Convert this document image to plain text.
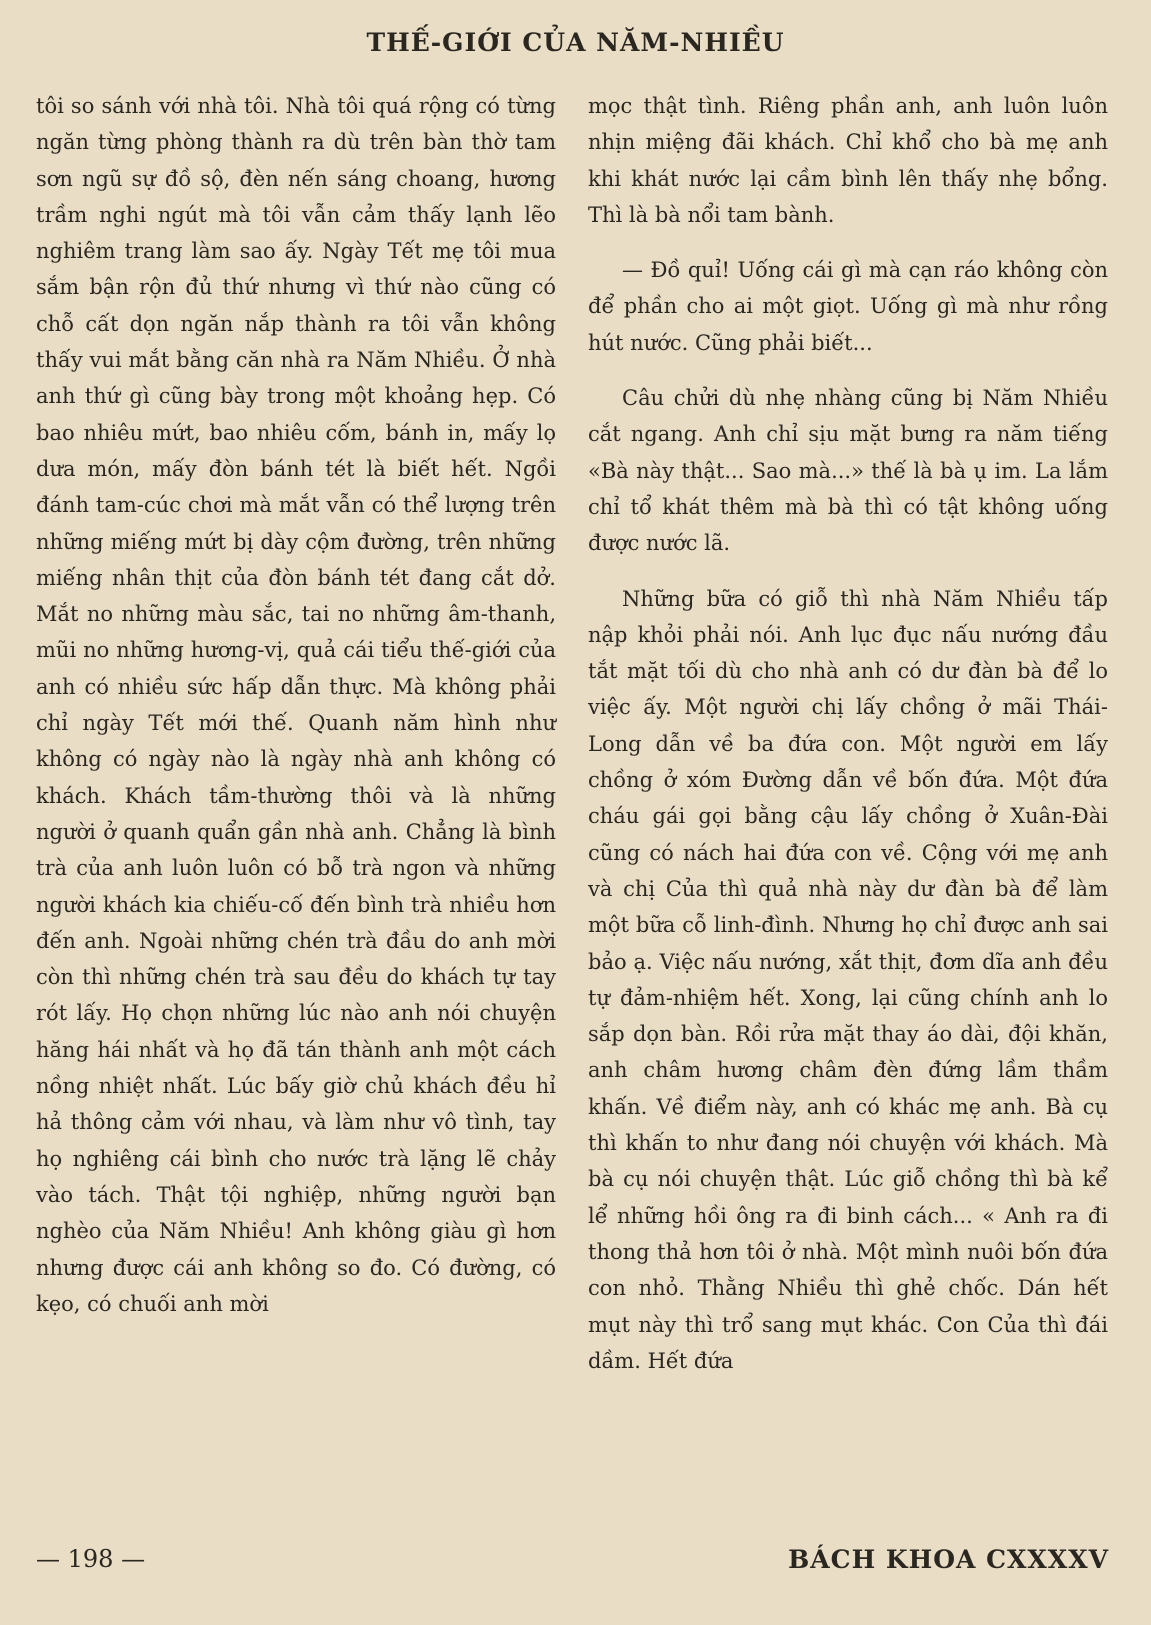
THẾ-GIỚI CỦA NĂM-NHIỀU

tôi so sánh với nhà tôi. Nhà tôi quá rộng có từng ngăn từng phòng thành ra dù trên bàn thờ tam sơn ngũ sự đồ sộ, đèn nến sáng choang, hương trầm nghi ngút mà tôi vẫn cảm thấy lạnh lẽo nghiêm trang làm sao ấy. Ngày Tết mẹ tôi mua sắm bận rộn đủ thứ nhưng vì thứ nào cũng có chỗ cất dọn ngăn nắp thành ra tôi vẫn không thấy vui mắt bằng căn nhà ra Năm Nhiều. Ở nhà anh thứ gì cũng bày trong một khoảng hẹp. Có bao nhiêu mứt, bao nhiêu cốm, bánh in, mấy lọ dưa món, mấy đòn bánh tét là biết hết. Ngồi đánh tam-cúc chơi mà mắt vẫn có thể lượng trên những miếng mứt bị dày cộm đường, trên những miếng nhân thịt của đòn bánh tét đang cắt dở. Mắt no những màu sắc, tai no những âm-thanh, mũi no những hương-vị, quả cái tiểu thế-giới của anh có nhiều sức hấp dẫn thực. Mà không phải chỉ ngày Tết mới thế. Quanh năm hình như không có ngày nào là ngày nhà anh không có khách. Khách tầm-thường thôi và là những người ở quanh quẩn gần nhà anh. Chẳng là bình trà của anh luôn luôn có bỗ trà ngon và những người khách kia chiếu-cố đến bình trà nhiều hơn đến anh. Ngoài những chén trà đầu do anh mời còn thì những chén trà sau đều do khách tự tay rót lấy. Họ chọn những lúc nào anh nói chuyện hăng hái nhất và họ đã tán thành anh một cách nồng nhiệt nhất. Lúc bấy giờ chủ khách đều hỉ hả thông cảm với nhau, và làm như vô tình, tay họ nghiêng cái bình cho nước trà lặng lẽ chảy vào tách. Thật tội nghiệp, những người bạn nghèo của Năm Nhiều! Anh không giàu gì hơn nhưng được cái anh không so đo. Có đường, có kẹo, có chuối anh mời

mọc thật tình. Riêng phần anh, anh luôn luôn nhịn miệng đãi khách. Chỉ khổ cho bà mẹ anh khi khát nước lại cầm bình lên thấy nhẹ bổng. Thì là bà nổi tam bành.

— Đồ quỉ! Uống cái gì mà cạn ráo không còn để phần cho ai một giọt. Uống gì mà như rồng hút nước. Cũng phải biết...

Câu chửi dù nhẹ nhàng cũng bị Năm Nhiều cắt ngang. Anh chỉ sịu mặt bưng ra năm tiếng «Bà này thật... Sao mà...» thế là bà ụ im. La lắm chỉ tổ khát thêm mà bà thì có tật không uống được nước lã.

Những bữa có giỗ thì nhà Năm Nhiều tấp nập khỏi phải nói. Anh lục đục nấu nướng đầu tắt mặt tối dù cho nhà anh có dư đàn bà để lo việc ấy. Một người chị lấy chồng ở mãi Thái-Long dẫn về ba đứa con. Một người em lấy chồng ở xóm Đường dẫn về bốn đứa. Một đứa cháu gái gọi bằng cậu lấy chồng ở Xuân-Đài cũng có nách hai đứa con về. Cộng với mẹ anh và chị Của thì quả nhà này dư đàn bà để làm một bữa cỗ linh-đình. Nhưng họ chỉ được anh sai bảo ạ. Việc nấu nướng, xắt thịt, đơm dĩa anh đều tự đảm-nhiệm hết. Xong, lại cũng chính anh lo sắp dọn bàn. Rồi rửa mặt thay áo dài, đội khăn, anh châm hương châm đèn đứng lầm thầm khấn. Về điểm này, anh có khác mẹ anh. Bà cụ thì khấn to như đang nói chuyện với khách. Mà bà cụ nói chuyện thật. Lúc giỗ chồng thì bà kể lể những hồi ông ra đi binh cách... « Anh ra đi thong thả hơn tôi ở nhà. Một mình nuôi bốn đứa con nhỏ. Thằng Nhiều thì ghẻ chốc. Dán hết mụt này thì trổ sang mụt khác. Con Của thì đái dầm. Hết đứa

— 198 —	BÁCH KHOA CXXXXV
